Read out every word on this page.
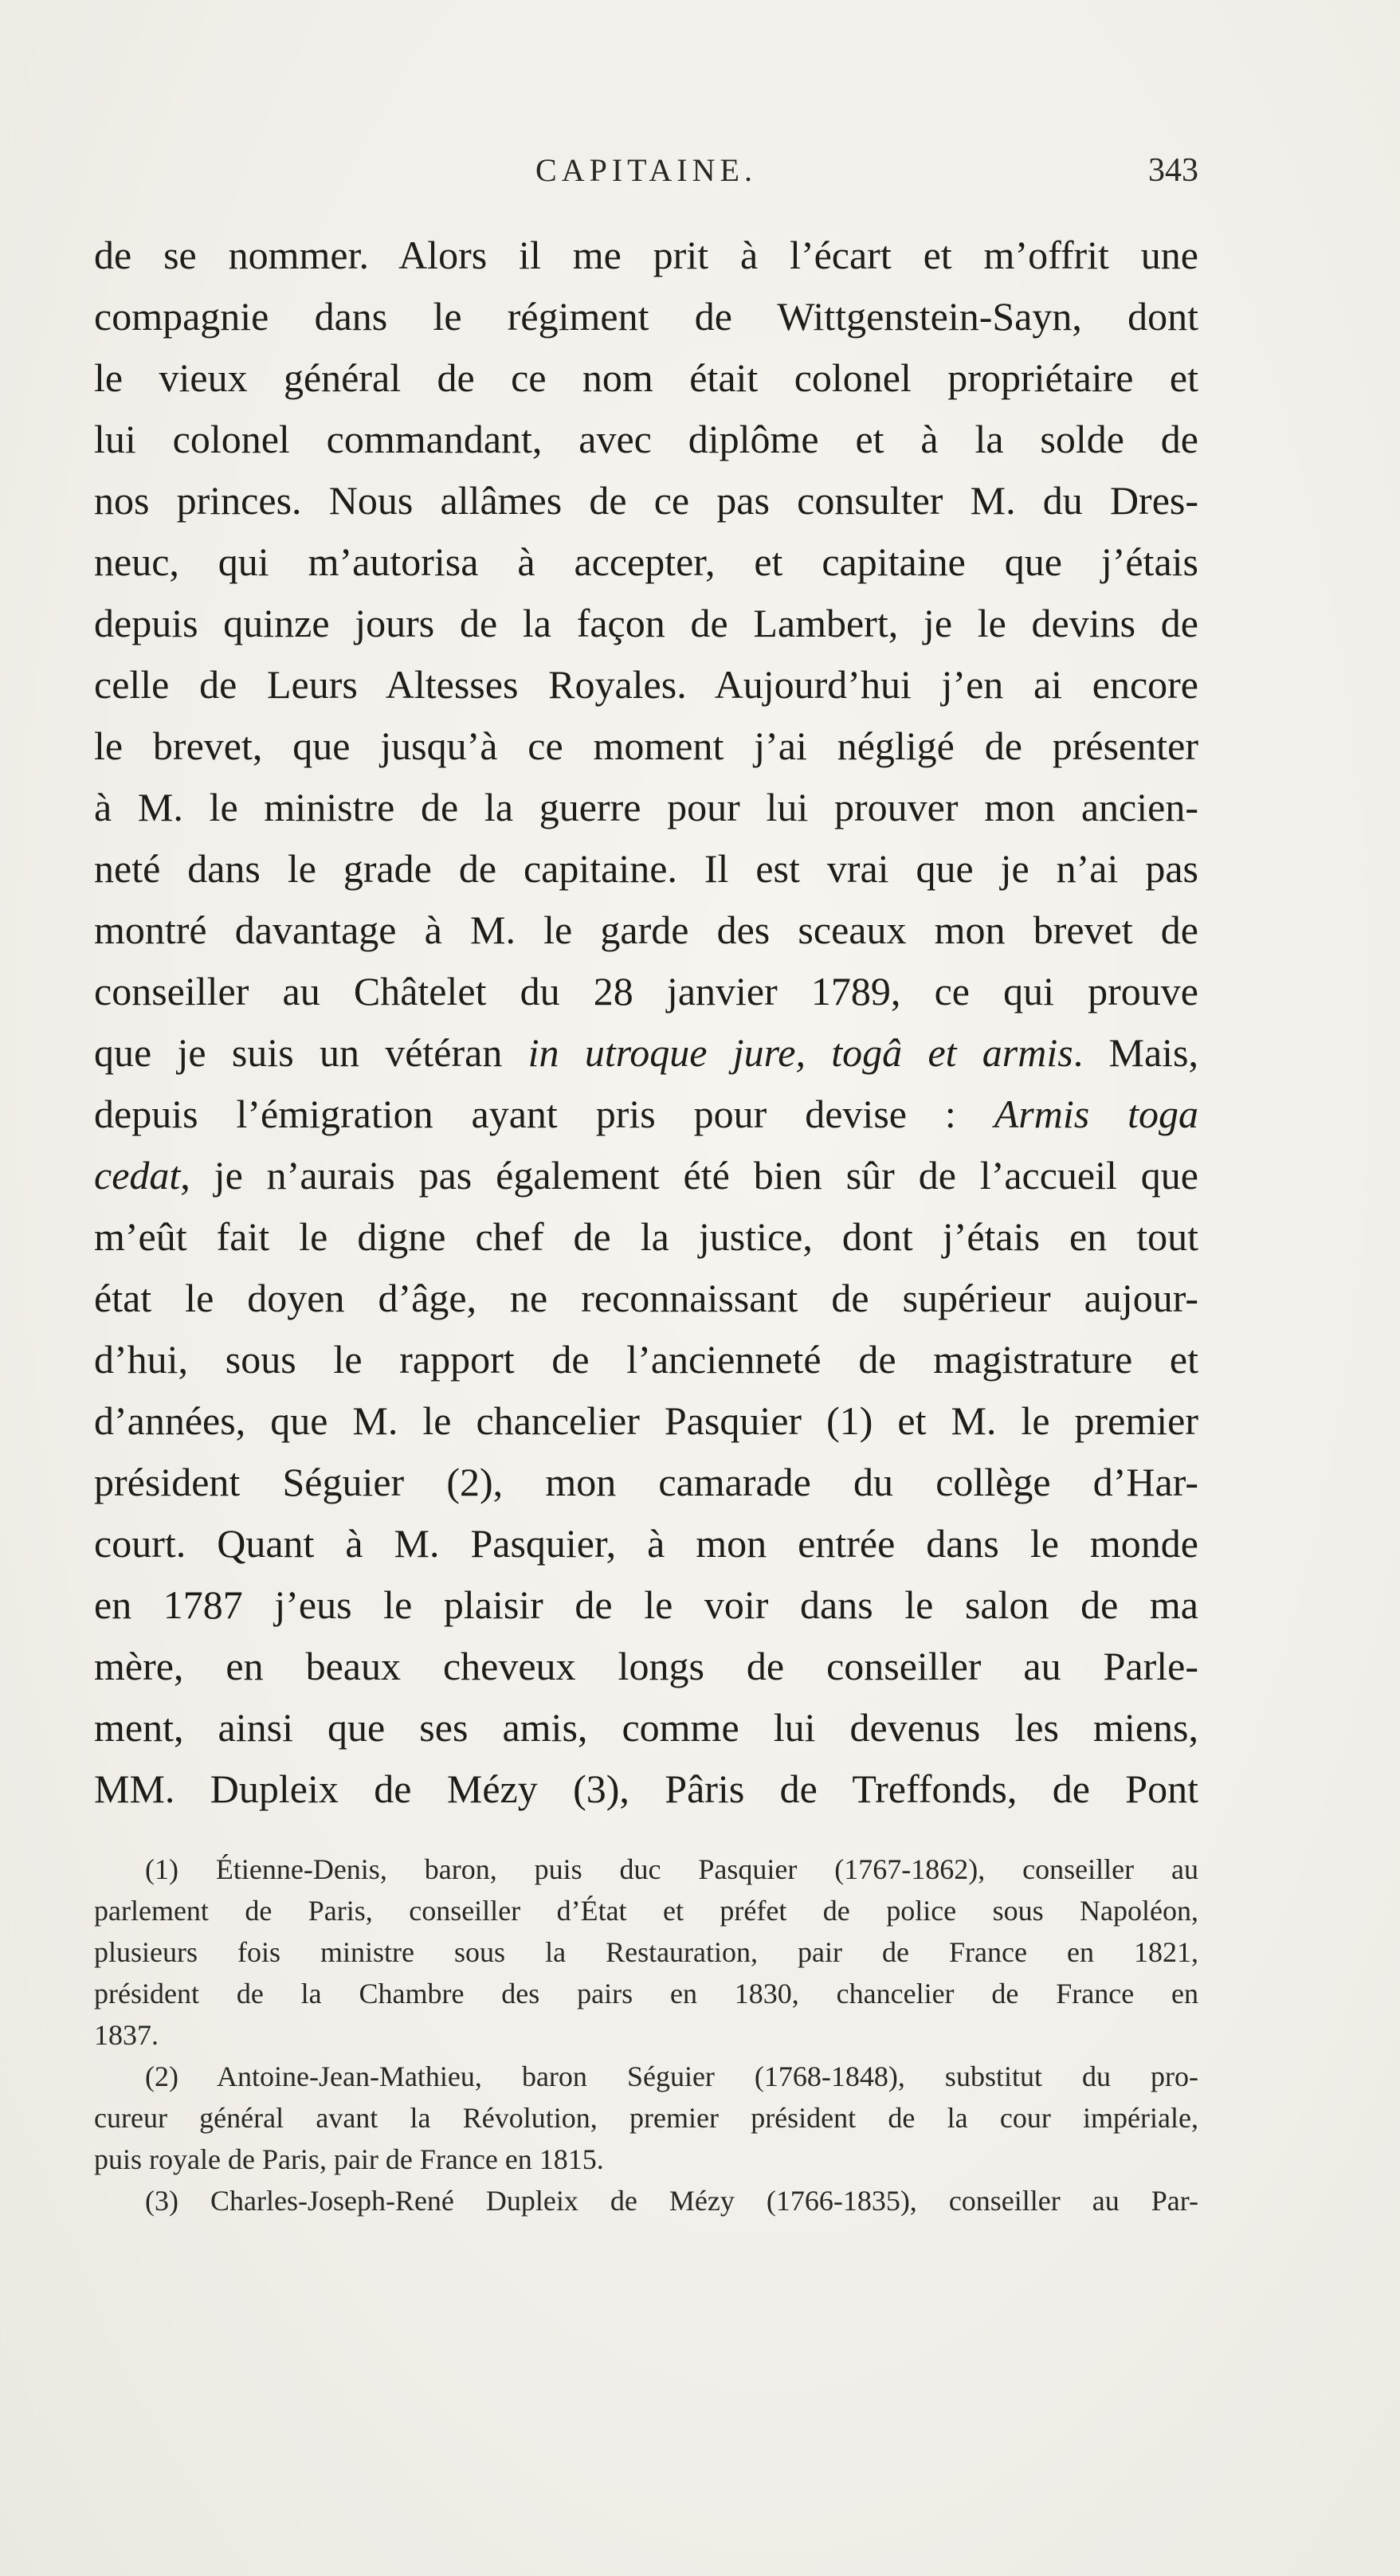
CAPITAINE.	343
de se nommer. Alors il me prit à l’écart et m’offrit une
compagnie dans le régiment de Wittgenstein-Sayn, dont
le vieux général de ce nom était colonel propriétaire et
lui colonel commandant, avec diplôme et à la solde de
nos princes. Nous allâmes de ce pas consulter M. du Dres-
neuc, qui m’autorisa à accepter, et capitaine que j’étais
depuis quinze jours de la façon de Lambert, je le devins de
celle de Leurs Altesses Royales. Aujourd’hui j’en ai encore
le brevet, que jusqu’à ce moment j’ai négligé de présenter
à M. le ministre de la guerre pour lui prouver mon ancien-
neté dans le grade de capitaine. Il est vrai que je n’ai pas
montré davantage à M. le garde des sceaux mon brevet de
conseiller au Châtelet du 28 janvier 1789, ce qui prouve
que je suis un vétéran in utroque jure, togâ et armis. Mais,
depuis l’émigration ayant pris pour devise : Armis toga
cedat, je n’aurais pas également été bien sûr de l’accueil que
m’eût fait le digne chef de la justice, dont j’étais en tout
état le doyen d’âge, ne reconnaissant de supérieur aujour-
d’hui, sous le rapport de l’ancienneté de magistrature et
d’années, que M. le chancelier Pasquier (1) et M. le premier
président Séguier (2), mon camarade du collège d’Har-
court. Quant à M. Pasquier, à mon entrée dans le monde
en 1787 j’eus le plaisir de le voir dans le salon de ma
mère, en beaux cheveux longs de conseiller au Parle-
ment, ainsi que ses amis, comme lui devenus les miens,
MM. Dupleix de Mézy (3), Pâris de Treffonds, de Pont
(1) Étienne-Denis, baron, puis duc Pasquier (1767-1862), conseiller au
parlement de Paris, conseiller d’État et préfet de police sous Napoléon,
plusieurs fois ministre sous la Restauration, pair de France en 1821,
président de la Chambre des pairs en 1830, chancelier de France en
1837.
(2) Antoine-Jean-Mathieu, baron Séguier (1768-1848), substitut du pro-
cureur général avant la Révolution, premier président de la cour impériale,
puis royale de Paris, pair de France en 1815.
(3) Charles-Joseph-René Dupleix de Mézy (1766-1835), conseiller au Par-
